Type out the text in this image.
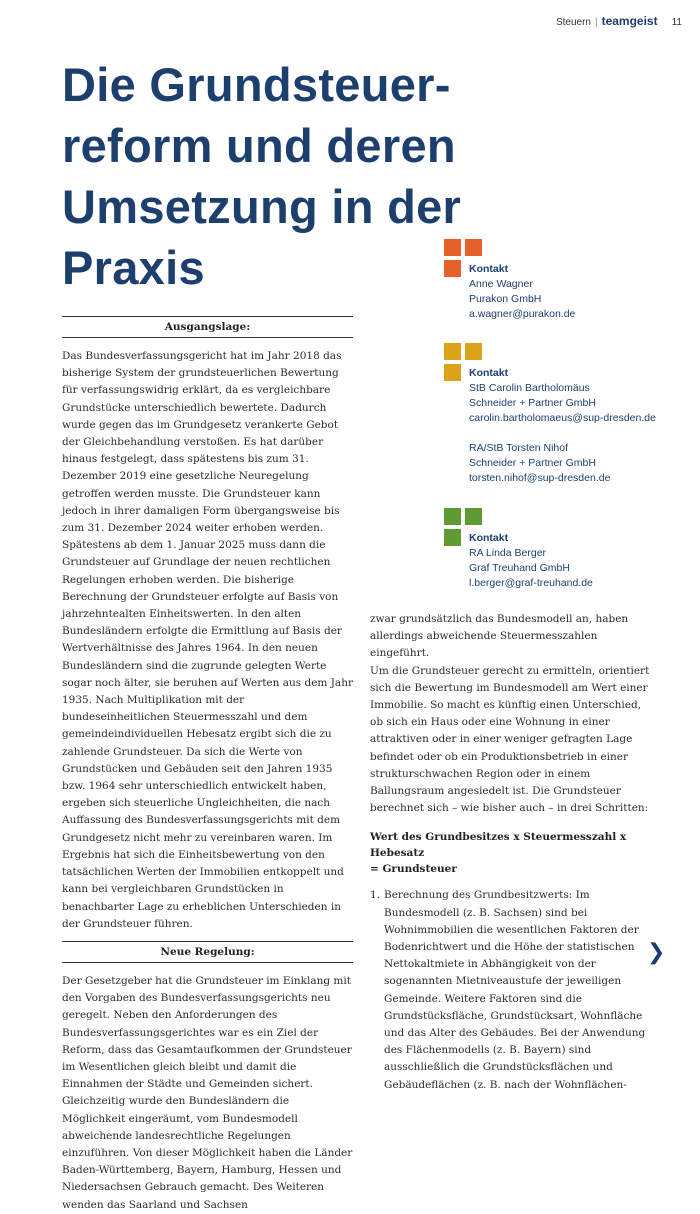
Steuern | teamgeist 11
Die Grundsteuer-reform und deren Umsetzung in der Praxis
Ausgangslage:

Das Bundesverfassungsgericht hat im Jahr 2018 das bisherige System der grundsteuerlichen Bewertung für verfassungswidrig erklärt, da es vergleichbare Grundstücke unterschiedlich bewertete. Dadurch wurde gegen das im Grundgesetz verankerte Gebot der Gleichbehandlung verstoßen. Es hat darüber hinaus festgelegt, dass spätestens bis zum 31. Dezember 2019 eine gesetzliche Neuregelung getroffen werden musste. Die Grundsteuer kann jedoch in ihrer damaligen Form übergangsweise bis zum 31. Dezember 2024 weiter erhoben werden. Spätestens ab dem 1. Januar 2025 muss dann die Grundsteuer auf Grundlage der neuen rechtlichen Regelungen erhoben werden. Die bisherige Berechnung der Grundsteuer erfolgte auf Basis von jahrzehntealten Einheitswerten. In den alten Bundesländern erfolgte die Ermittlung auf Basis der Wertverhältnisse des Jahres 1964. In den neuen Bundesländern sind die zugrunde gelegten Werte sogar noch älter, sie beruhen auf Werten aus dem Jahr 1935. Nach Multiplikation mit der bundeseinheitlichen Steuermesszahl und dem gemeindeindividuellen Hebesatz ergibt sich die zu zahlende Grundsteuer. Da sich die Werte von Grundstücken und Gebäuden seit den Jahren 1935 bzw. 1964 sehr unterschiedlich entwickelt haben, ergeben sich steuerliche Ungleichheiten, die nach Auffassung des Bundesverfassungsgerichts mit dem Grundgesetz nicht mehr zu vereinbaren waren. Im Ergebnis hat sich die Einheitsbewertung von den tatsächlichen Werten der Immobilien entkoppelt und kann bei vergleichbaren Grundstücken in benachbarter Lage zu erheblichen Unterschieden in der Grundsteuer führen.

Neue Regelung:

Der Gesetzgeber hat die Grundsteuer im Einklang mit den Vorgaben des Bundesverfassungsgerichts neu geregelt. Neben den Anforderungen des Bundesverfassungsgerichtes war es ein Ziel der Reform, dass das Gesamtaufkommen der Grundsteuer im Wesentlichen gleich bleibt und damit die Einnahmen der Städte und Gemeinden sichert. Gleichzeitig wurde den Bundesländern die Möglichkeit eingeräumt, vom Bundesmodell abweichende landesrechtliche Regelungen einzuführen. Von dieser Möglichkeit haben die Länder Baden-Württemberg, Bayern, Hamburg, Hessen und Niedersachsen Gebrauch gemacht. Des Weiteren wenden das Saarland und Sachsen

Kontakt
Anne Wagner
Purakon GmbH
a.wagner@purakon.de
Kontakt
StB Carolin Bartholomäus
Schneider + Partner GmbH
carolin.bartholomaeus@sup-dresden.de
RA/StB Torsten Nihof
Schneider + Partner GmbH
torsten.nihof@sup-dresden.de
Kontakt
RA Linda Berger
Graf Treuhand GmbH
l.berger@graf-treuhand.de

zwar grundsätzlich das Bundesmodell an, haben allerdings abweichende Steuermesszahlen eingeführt.

Um die Grundsteuer gerecht zu ermitteln, orientiert sich die Bewertung im Bundesmodell am Wert einer Immobilie. So macht es künftig einen Unterschied, ob sich ein Haus oder eine Wohnung in einer attraktiven oder in einer weniger gefragten Lage befindet oder ob ein Produktionsbetrieb in einer strukturschwachen Region oder in einem Ballungsraum angesiedelt ist. Die Grundsteuer berechnet sich – wie bisher auch – in drei Schritten:

Wert des Grundbesitzes x Steuermesszahl x Hebesatz
= Grundsteuer
1. Berechnung des Grundbesitzwerts: Im Bundesmodell (z. B. Sachsen) sind bei Wohnimmobilien die wesentlichen Faktoren der Bodenrichtwert und die Höhe der statistischen Nettokaltmiete in Abhängigkeit von der sogenannten Mietniveaustufe der jeweiligen Gemeinde. Weitere Faktoren sind die Grundstücksfläche, Grundstücksart, Wohnfläche und das Alter des Gebäudes. Bei der Anwendung des Flächenmodells (z. B. Bayern) sind ausschließlich die Grundstücksflächen und Gebäudeflächen (z. B. nach der Wohnflächen-

❯
